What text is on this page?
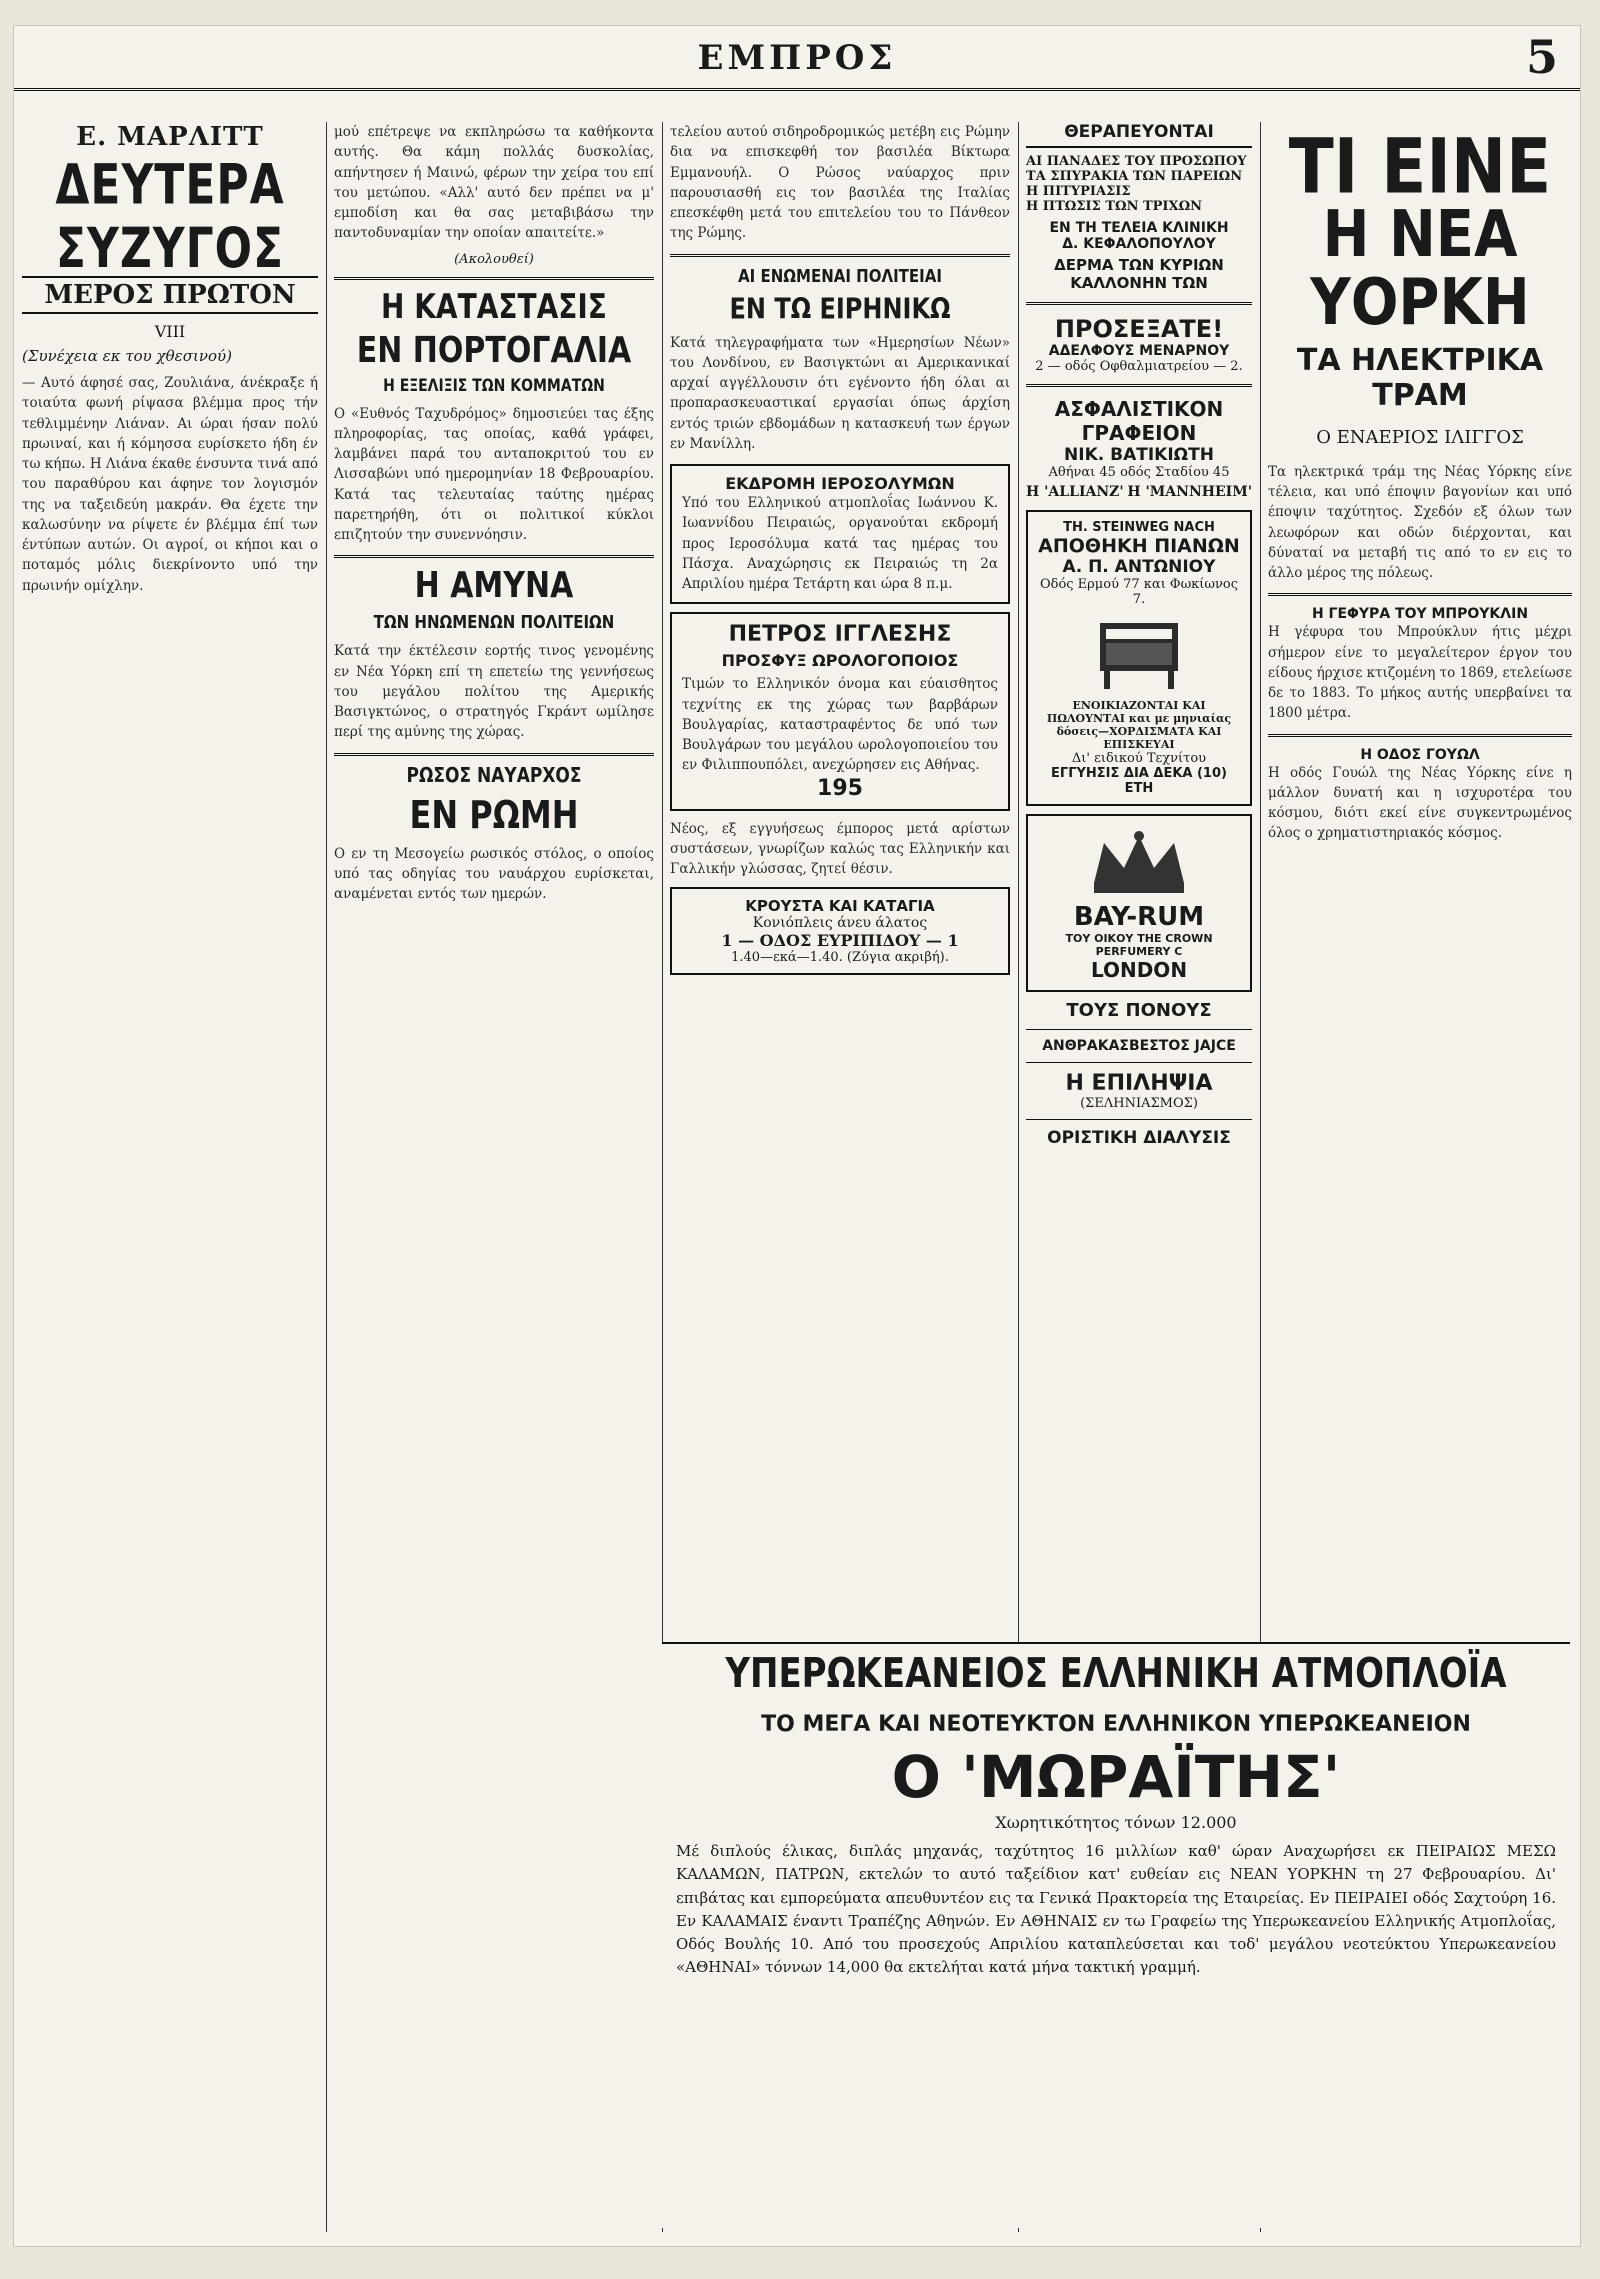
ΕΜΠΡΟΣ	5
Ε. ΜΑΡΛΙΤΤ
ΔΕΥΤΕΡΑ ΣΥΖΥΓΟΣ
ΜΕΡΟΣ ΠΡΩΤΟΝ
VIII
(Συνέχεια εκ του χθεσινού)
— Αυτό άφησέ σας, Ζουλιάνα, άνέκραξε ή τοιαύτα φωνή ρίψασα βλέμμα προς τήν τεθλιμμένην Λιάναν. Αι ώραι ήσαν πολύ πρωιναί, και ή κόμησσα ευρίσκετο ήδη έν τω κήπω. Η Λιάνα έκαθε ένσυντα τινά από του παραθύρου και άφηνε τον λογισμόν της να ταξειδεύη μακράν. Θα έχετε την καλωσύνην να ρίψετε έν βλέμμα έπί των έντύπων αυτών. Οι αγροί, οι κήποι και ο ποταμός μόλις διεκρίνοντο υπό την πρωινήν ομίχλην.
μού επέτρεψε να εκπληρώσω τα καθήκοντα αυτής. Θα κάμη πολλάς δυσκολίας, απήντησεν ή Μαινώ, φέρων την χείρα του επί του μετώπου. «Αλλ' αυτό δεν πρέπει να μ' εμποδίση και θα σας μεταβιβάσω την παντοδυναμίαν την οποίαν απαιτείτε.»
(Ακολουθεί)
Η ΚΑΤΑΣΤΑΣΙΣ
ΕΝ ΠΟΡΤΟΓΑΛΙΑ
Η ΕΞΕΛΙΞΙΣ ΤΩΝ ΚΟΜΜΑΤΩΝ
Ο «Ευθνός Ταχυδρόμος» δημοσιεύει τας έξης πληροφορίας, τας οποίας, καθά γράφει, λαμβάνει παρά του ανταποκριτού του εν Λισσαβώνι υπό ημερομηνίαν 18 Φεβρουαρίου. Κατά τας τελευταίας ταύτης ημέρας παρετηρήθη, ότι οι πολιτικοί κύκλοι επιζητούν την συνεννόησιν.
Η ΑΜΥΝΑ
ΤΩΝ ΗΝΩΜΕΝΩΝ ΠΟΛΙΤΕΙΩΝ
Κατά την έκτέλεσιν εορτής τινος γενομένης εν Νέα Υόρκη επί τη επετείω της γεννήσεως του μεγάλου πολίτου της Αμερικής Βασιγκτώνος, ο στρατηγός Γκράντ ωμίλησε περί της αμύνης της χώρας.
ΡΩΣΟΣ ΝΑΥΑΡΧΟΣ
ΕΝ ΡΩΜΗ
Ο εν τη Μεσογείω ρωσικός στόλος, ο οποίος υπό τας οδηγίας του ναυάρχου ευρίσκεται, αναμένεται εντός των ημερών.
τελείου αυτού σιδηροδρομικώς μετέβη εις Ρώμην δια να επισκεφθή τον βασιλέα Βίκτωρα Εμμανουήλ. Ο Ρώσος ναύαρχος πριν παρουσιασθή εις τον βασιλέα της Ιταλίας επεσκέφθη μετά του επιτελείου του το Πάνθεον της Ρώμης.
ΑΙ ΕΝΩΜΕΝΑΙ ΠΟΛΙΤΕΙΑΙ
ΕΝ ΤΩ ΕΙΡΗΝΙΚΩ
Κατά τηλεγραφήματα των «Ημερησίων Νέων» του Λονδίνου, εν Βασιγκτώνι αι Αμερικανικαί αρχαί αγγέλλουσιν ότι εγένοντο ήδη όλαι αι προπαρασκευαστικαί εργασίαι όπως άρχίση εντός τριών εβδομάδων η κατασκευή των έργων εν Μανίλλη.
ΕΚΔΡΟΜΗ ΙΕΡΟΣΟΛΥΜΩΝ
Υπό του Ελληνικού ατμοπλοΐας Ιωάννου Κ. Ιωαννίδου Πειραιώς, οργανούται εκδρομή προς Ιεροσόλυμα κατά τας ημέρας του Πάσχα. Αναχώρησις εκ Πειραιώς τη 2α Απριλίου ημέρα Τετάρτη και ώρα 8 π.μ.
ΠΕΤΡΟΣ ΙΓΓΛΕΣΗΣ
ΠΡΟΣΦΥΞ ΩΡΟΛΟΓΟΠΟΙΟΣ
Τιμών το Ελληνικόν όνομα και εύαισθητος τεχνίτης εκ της χώρας των βαρβάρων Βουλγαρίας, καταστραφέντος δε υπό των Βουλγάρων του μεγάλου ωρολογοποιείου του εν Φιλιππουπόλει, ανεχώρησεν εις Αθήνας.
195
Νέος, εξ εγγυήσεως έμπορος μετά αρίστων συστάσεων, γνωρίζων καλώς τας Ελληνικήν και Γαλλικήν γλώσσας, ζητεί θέσιν.
ΚΡΟΥΣΤΑ ΚΑΙ ΚΑΤΑΓΙΑ
Κονιόπλεις άνευ άλατος
1 — ΟΔΟΣ ΕΥΡΙΠΙΔΟΥ — 1
1.40—εκά—1.40. (Ζύγια ακριβή).
ΘΕΡΑΠΕΥΟΝΤΑΙ
ΑΙ ΠΑΝΑΔΕΣ ΤΟΥ ΠΡΟΣΩΠΟΥ
ΤΑ ΣΠΥΡΑΚΙΑ ΤΩΝ ΠΑΡΕΙΩΝ
Η ΠΙΤΥΡΙΑΣΙΣ
Η ΠΤΩΣΙΣ ΤΩΝ ΤΡΙΧΩΝ
ΕΝ ΤΗ ΤΕΛΕΙΑ ΚΛΙΝΙΚΗ
Δ. ΚΕΦΑΛΟΠΟΥΛΟΥ
ΔΕΡΜΑ ΤΩΝ ΚΥΡΙΩΝ
ΚΑΛΛΟΝΗΝ ΤΩΝ
ΠΡΟΣΕΞΑΤΕ!
ΑΔΕΛΦΟΥΣ ΜΕΝΑΡΝΟΥ
2 — οδός Οφθαλμιατρείου — 2.
ΑΣΦΑΛΙΣΤΙΚΟΝ ΓΡΑΦΕΙΟΝ
ΝΙΚ. ΒΑΤΙΚΙΩΤΗ
Αθήναι 45 οδός Σταδίου 45
Η 'ALLIANZ' Η 'MANNHEIM'
TH. STEINWEG NACH
ΑΠΟΘΗΚΗ ΠΙΑΝΩΝ
Α. Π. ΑΝΤΩΝΙΟΥ
Οδός Ερμού 77 και Φωκίωνος 7.
ΕΝΟΙΚΙΑΖΟΝΤΑΙ ΚΑΙ ΠΩΛΟΥΝΤΑΙ και με μηνιαίας δόσεις—ΧΟΡΔΙΣΜΑΤΑ ΚΑΙ ΕΠΙΣΚΕΥΑΙ
Δι' ειδικού Τεχνίτου
ΕΓΓΥΗΣΙΣ ΔΙΑ ΔΕΚΑ (10) ΕΤΗ
BAY-RUM
ΤΟΥ ΟΙΚΟΥ THE CROWN PERFUMERY C
LONDON
ΤΟΥΣ ΠΟΝΟΥΣ
ΑΝΘΡΑΚΑΣΒΕΣΤΟΣ JAJCE
Η ΕΠΙΛΗΨΙΑ
(ΣΕΛΗΝΙΑΣΜΟΣ)
ΟΡΙΣΤΙΚΗ ΔΙΑΛΥΣΙΣ
ΤΙ ΕΙΝΕ
Η ΝΕΑ ΥΟΡΚΗ
ΤΑ ΗΛΕΚΤΡΙΚΑ ΤΡΑΜ
Ο ΕΝΑΕΡΙΟΣ ΙΛΙΓΓΟΣ
Τα ηλεκτρικά τράμ της Νέας Υόρκης είνε τέλεια, και υπό έποψιν βαγονίων και υπό έποψιν ταχύτητος. Σχεδόν εξ όλων των λεωφόρων και οδών διέρχονται, και δύναταί να μεταβή τις από το εν εις το άλλο μέρος της πόλεως.
Η ΓΕΦΥΡΑ ΤΟΥ ΜΠΡΟΥΚΛΙΝ
Η γέφυρα του Μπρούκλυν ήτις μέχρι σήμερον είνε το μεγαλείτερον έργον του είδους ήρχισε κτιζομένη το 1869, ετελείωσε δε το 1883. Το μήκος αυτής υπερβαίνει τα 1800 μέτρα.
Η ΟΔΟΣ ΓΟΥΩΛ
Η οδός Γουώλ της Νέας Υόρκης είνε η μάλλον δυνατή και η ισχυροτέρα του κόσμου, διότι εκεί είνε συγκεντρωμένος όλος ο χρηματιστηριακός κόσμος.
ΥΠΕΡΩΚΕΑΝΕΙΟΣ ΕΛΛΗΝΙΚΗ ΑΤΜΟΠΛΟΪΑ
ΤΟ ΜΕΓΑ ΚΑΙ ΝΕΟΤΕΥΚΤΟΝ ΕΛΛΗΝΙΚΟΝ ΥΠΕΡΩΚΕΑΝΕΙΟΝ
Ο 'ΜΩΡΑΪΤΗΣ'
Χωρητικότητος τόνων 12.000
Μέ διπλούς έλικας, διπλάς μηχανάς, ταχύτητος 16 μιλλίων καθ' ώραν Αναχωρήσει εκ ΠΕΙΡΑΙΩΣ ΜΕΣΩ ΚΑΛΑΜΩΝ, ΠΑΤΡΩΝ, εκτελών το αυτό ταξείδιον κατ' ευθείαν εις ΝΕΑΝ ΥΟΡΚΗΝ τη 27 Φεβρουαρίου. Δι' επιβάτας και εμπορεύματα απευθυντέον εις τα Γενικά Πρακτορεία της Εταιρείας. Εν ΠΕΙΡΑΙΕΙ οδός Σαχτούρη 16. Εν ΚΑΛΑΜΑΙΣ έναντι Τραπέζης Αθηνών. Εν ΑΘΗΝΑΙΣ εν τω Γραφείω της Υπερωκεανείου Ελληνικής Ατμοπλοΐας, Οδός Βουλής 10. Από του προσεχούς Απριλίου καταπλεύσεται και τοδ' μεγάλου νεοτεύκτου Υπερωκεανείου «ΑΘΗΝΑΙ» τόννων 14,000 θα εκτελήται κατά μήνα τακτική γραμμή.
